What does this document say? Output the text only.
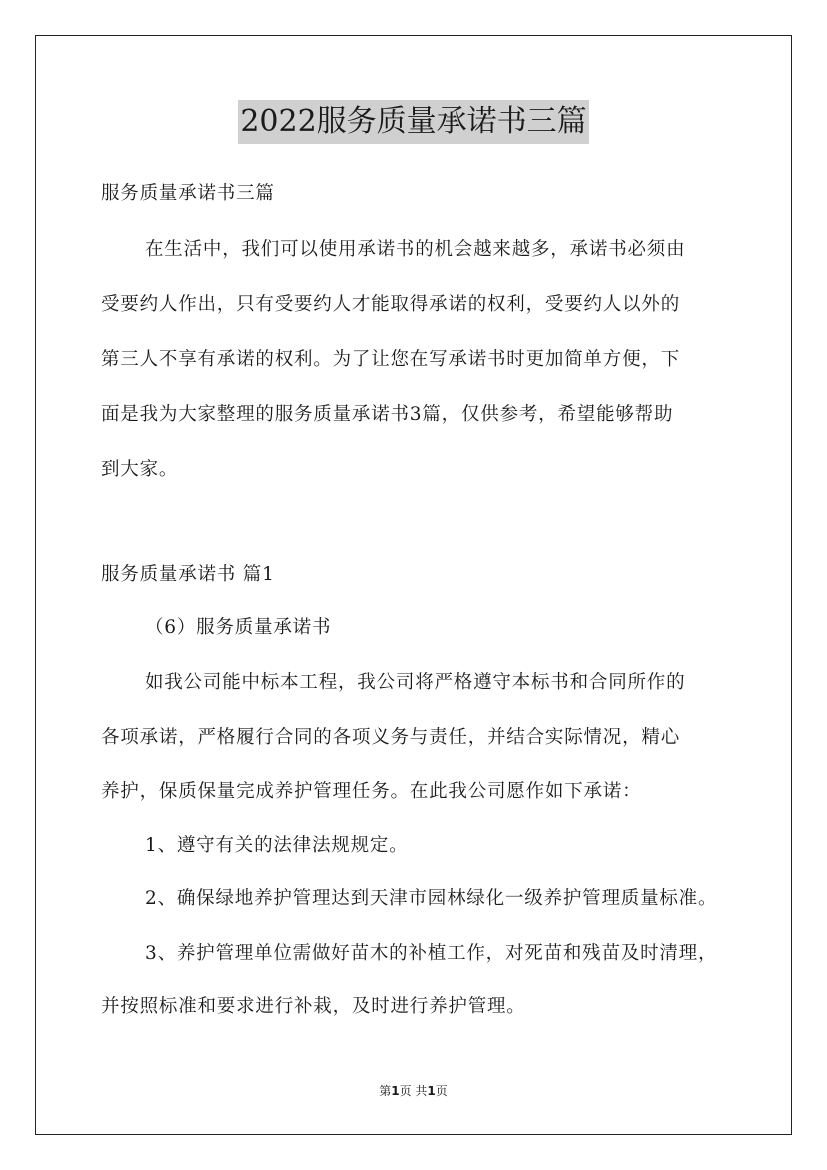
2022服务质量承诺书三篇
服务质量承诺书三篇
在生活中，我们可以使用承诺书的机会越来越多，承诺书必须由
受要约人作出，只有受要约人才能取得承诺的权利，受要约人以外的
第三人不享有承诺的权利。为了让您在写承诺书时更加简单方便，下
面是我为大家整理的服务质量承诺书3篇，仅供参考，希望能够帮助
到大家。
服务质量承诺书 篇1
（6）服务质量承诺书
如我公司能中标本工程，我公司将严格遵守本标书和合同所作的
各项承诺，严格履行合同的各项义务与责任，并结合实际情况，精心
养护，保质保量完成养护管理任务。在此我公司愿作如下承诺：
1、遵守有关的法律法规规定。
2、确保绿地养护管理达到天津市园林绿化一级养护管理质量标准。
3、养护管理单位需做好苗木的补植工作，对死苗和残苗及时清理，
并按照标准和要求进行补栽，及时进行养护管理。
第1页 共1页
